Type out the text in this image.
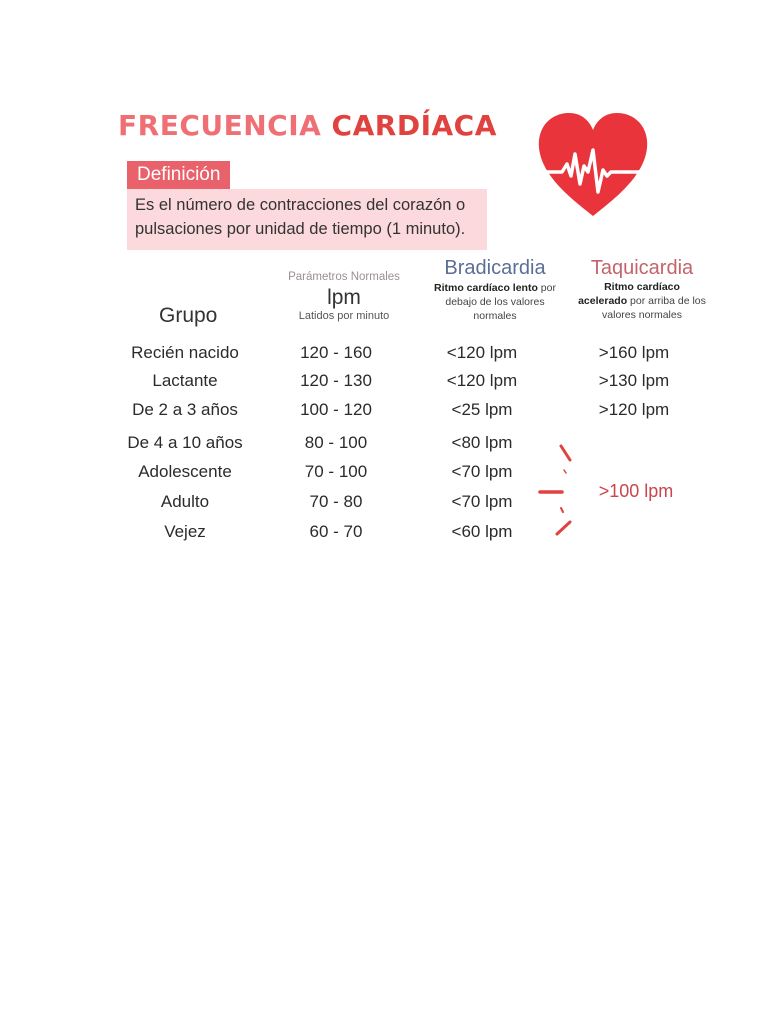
FRECUENCIA CARDÍACA
Definición
Es el número de contracciones del corazón o pulsaciones por unidad de tiempo (1 minuto).
Grupo
Parámetros Normales
lpm
Latidos por minuto
Bradicardia
Ritmo cardíaco lento por
debajo de los valores
normales
Taquicardia
Ritmo cardíaco
acelerado por arriba de los
valores normales
Recién nacido	120 - 160	<120 lpm	>160 lpm
Lactante	120 - 130	<120 lpm	>130 lpm
De 2 a 3 años	100 - 120	<25 lpm	>120 lpm
De 4 a 10 años	80 - 100	<80 lpm
Adolescente	70 - 100	<70 lpm
Adulto	70 - 80	<70 lpm
Vejez	60 - 70	<60 lpm
>100 lpm
